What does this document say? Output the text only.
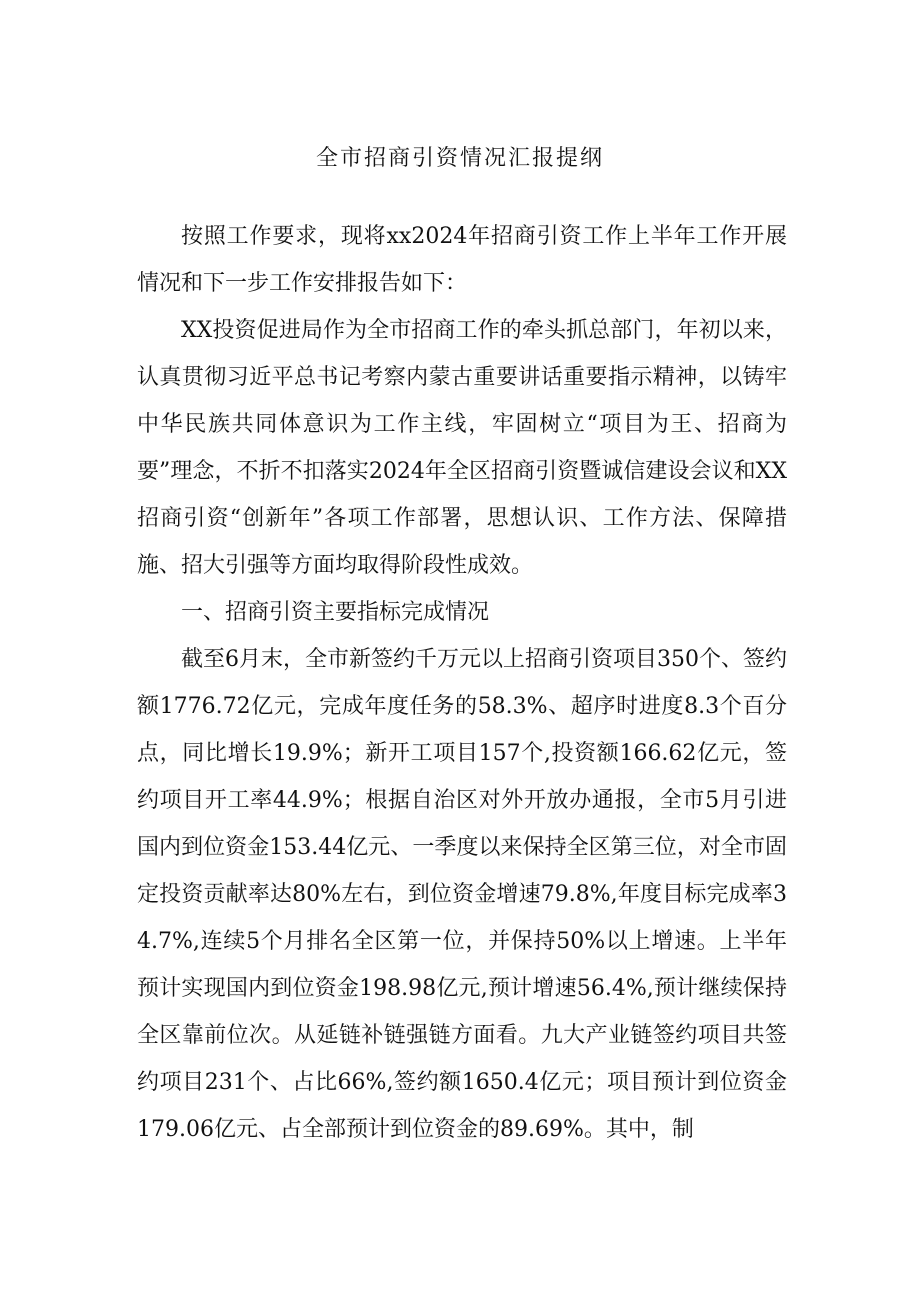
全市招商引资情况汇报提纲

按照工作要求，现将xx2024年招商引资工作上半年工作开展情况和下一步工作安排报告如下：

XX投资促进局作为全市招商工作的牵头抓总部门，年初以来，认真贯彻习近平总书记考察内蒙古重要讲话重要指示精神，以铸牢中华民族共同体意识为工作主线，牢固树立“项目为王、招商为要”理念，不折不扣落实2024年全区招商引资暨诚信建设会议和XX招商引资“创新年”各项工作部署，思想认识、工作方法、保障措施、招大引强等方面均取得阶段性成效。

一、招商引资主要指标完成情况

截至6月末，全市新签约千万元以上招商引资项目350个、签约额1776.72亿元，完成年度任务的58.3%、超序时进度8.3个百分点，同比增长19.9%；新开工项目157个,投资额166.62亿元，签约项目开工率44.9%；根据自治区对外开放办通报，全市5月引进国内到位资金153.44亿元、一季度以来保持全区第三位，对全市固定投资贡献率达80%左右，到位资金增速79.8%,年度目标完成率34.7%,连续5个月排名全区第一位，并保持50%以上增速。上半年预计实现国内到位资金198.98亿元,预计增速56.4%,预计继续保持全区靠前位次。从延链补链强链方面看。九大产业链签约项目共签约项目231个、占比66%,签约额1650.4亿元；项目预计到位资金179.06亿元、占全部预计到位资金的89.69%。其中，制
